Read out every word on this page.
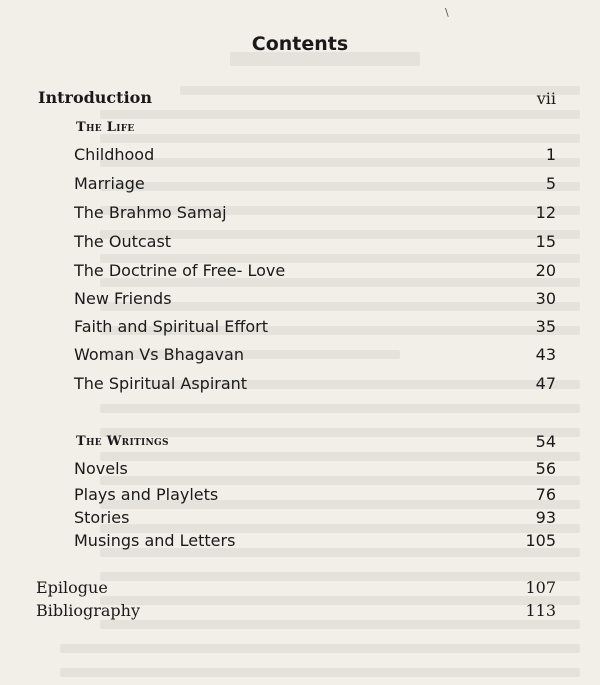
\
Contents
Introduction	vii
The Life
Childhood	1
Marriage	5
The Brahmo Samaj	12
The Outcast	15
The Doctrine of Free- Love	20
New Friends	30
Faith and Spiritual Effort	35
Woman Vs Bhagavan	43
The Spiritual Aspirant	47
The Writings	54
Novels	56
Plays and Playlets	76
Stories	93
Musings and Letters	105
Epilogue	107
Bibliography	113
